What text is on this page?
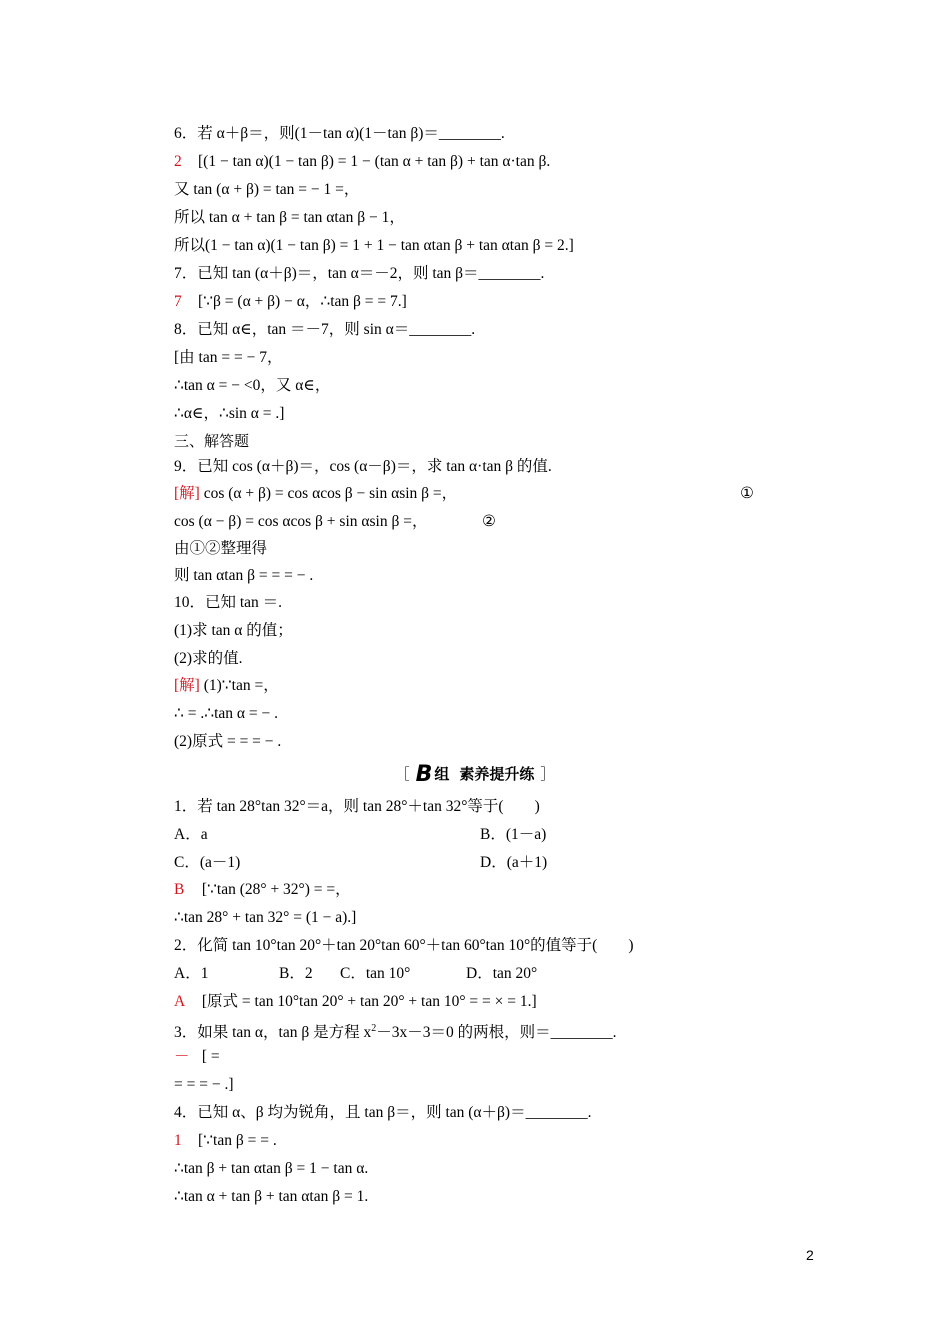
6．若 α＋β＝，则(1－tan α)(1－tan β)＝________.
2 [(1 − tan α)(1 − tan β) = 1 − (tan α + tan β) + tan α·tan β.
又 tan (α + β) = tan = − 1 =，
所以 tan α + tan β = tan αtan β − 1，
所以(1 − tan α)(1 − tan β) = 1 + 1 − tan αtan β + tan αtan β = 2.]
7．已知 tan (α＋β)＝，tan α＝－2，则 tan β＝________.
7 [∵β = (α + β) − α，∴tan β = = 7.]
8．已知 α∈，tan ＝－7，则 sin α＝________.
[由 tan = = − 7，
∴tan α = − <0，又 α∈，
∴α∈，∴sin α = .]
三、解答题
9．已知 cos (α＋β)＝，cos (α－β)＝，求 tan α·tan β 的值.
[解] cos (α + β) = cos αcos β − sin αsin β =，
cos (α − β) = cos αcos β + sin αsin β =，
由①②整理得
则 tan αtan β = = = − .
10．已知 tan ＝.
(1)求 tan α 的值；
(2)求的值.
[解] (1)∵tan =，
∴ = .∴tan α = − .
(2)原式 = = = − .
1．若 tan 28°tan 32°＝a，则 tan 28°＋tan 32°等于(　　)
B [∵tan (28° + 32°) = =，
∴tan 28° + tan 32° = (1 − a).]
2．化简 tan 10°tan 20°＋tan 20°tan 60°＋tan 60°tan 10°的值等于(　　)
A [原式 = tan 10°tan 20° + tan 20° + tan 10° = = × = 1.]
－ [ =
= = = − .]
4．已知 α、β 均为锐角，且 tan β＝，则 tan (α＋β)＝________.
1 [∵tan β = = .
∴tan β + tan αtan β = 1 − tan α.
∴tan α + tan β + tan αtan β = 1.
3．如果 tan α，tan β 是方程 $x^2-3x-3=0$ 的两根，则＝________.
①
②
［ B 组 素养提升练 ］
A．a	B．(1－a)
C．(a－1)	D．(a＋1)
A．1	B．2 C．tan 10°	D．tan 20°
2
